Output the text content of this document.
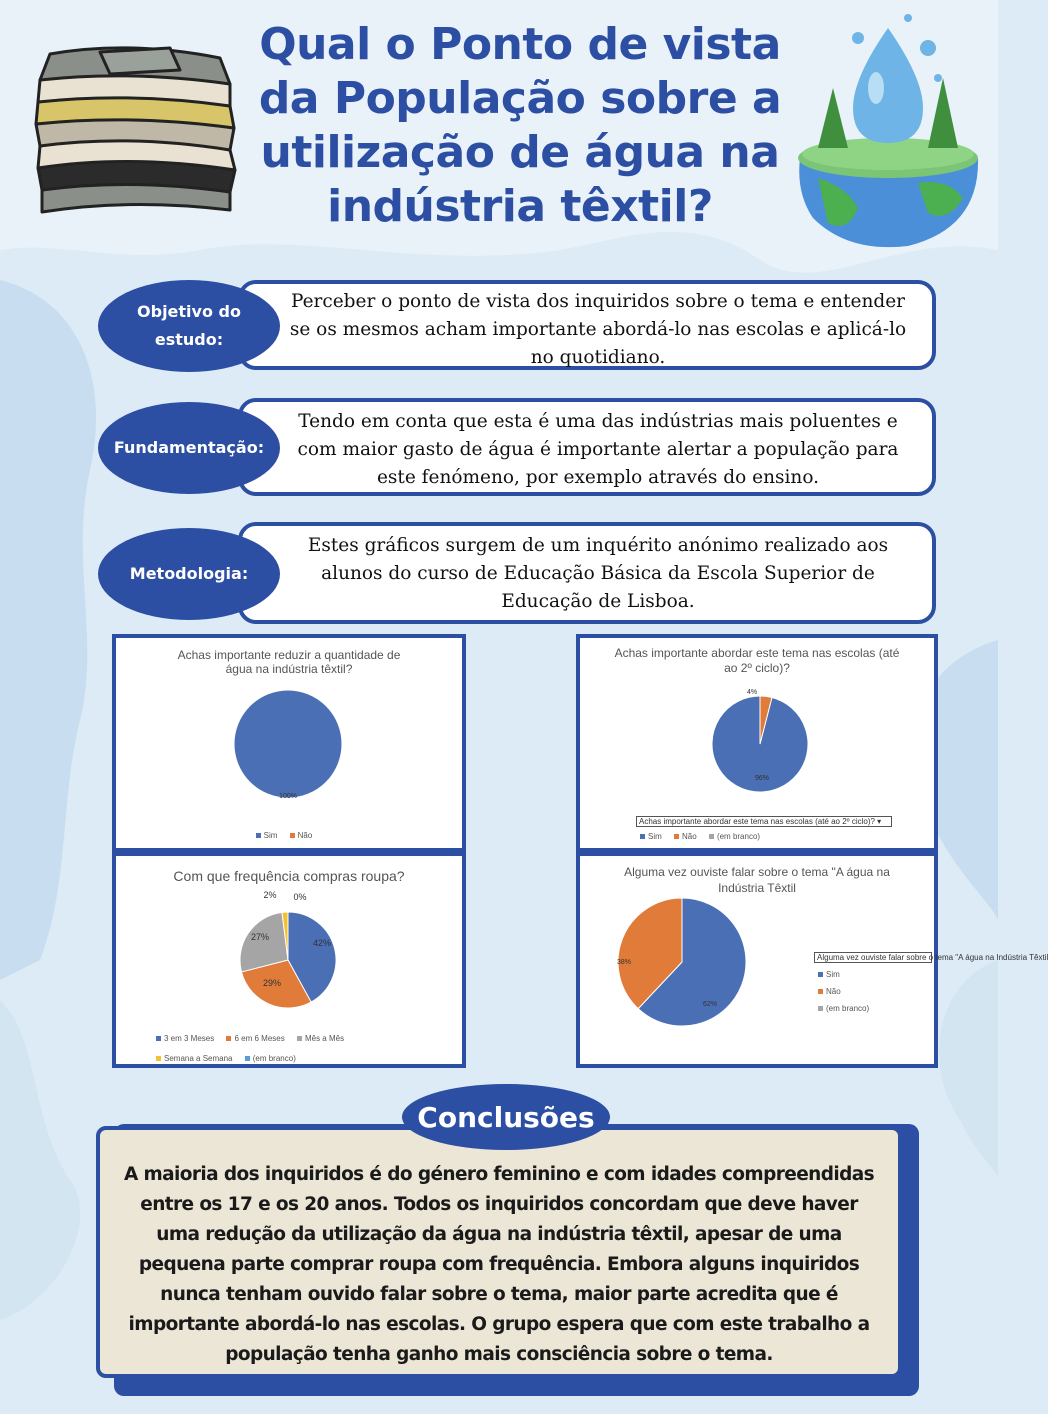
Qual o Ponto de vista da População sobre a utilização de água na indústria têxtil?
Perceber o ponto de vista dos inquiridos sobre o tema e entender se os mesmos acham importante abordá-lo nas escolas e aplicá-lo no quotidiano.
Objetivo do estudo:
Tendo em conta que esta é uma das indústrias mais poluentes e com maior gasto de água é importante alertar a população para este fenómeno, por exemplo através do ensino.
Fundamentação:
Estes gráficos surgem de um inquérito anónimo realizado aos alunos do curso de Educação Básica da Escola Superior de Educação de Lisboa.
Metodologia:
Achas importante reduzir a quantidade de água na indústria têxtil?
100%
Sim	Não
Achas importante abordar este tema nas escolas (até ao 2º ciclo)?
96%
4%
Achas importante abordar este tema nas escolas (até ao 2º ciclo)? ▾
Sim	Não	(em branco)
Com que frequência compras roupa?
42%
29%
27%
2% 0%
3 em 3 Meses	6 em 6 Meses	Mês a Mês
Semana a Semana	(em branco)
Alguma vez ouviste falar sobre o tema "A água na Indústria Têxtil
62%
38%
Alguma vez ouviste falar sobre o tema "A água na Indústria Têxtil
Sim
Não
(em branco)
A maioria dos inquiridos é do género feminino e com idades compreendidas entre os 17 e os 20 anos. Todos os inquiridos concordam que deve haver uma redução da utilização da água na indústria têxtil, apesar de uma pequena parte comprar roupa com frequência. Embora alguns inquiridos nunca tenham ouvido falar sobre o tema, maior parte acredita que é importante abordá-lo nas escolas. O grupo espera que com este trabalho a população tenha ganho mais consciência sobre o tema.
Conclusões
